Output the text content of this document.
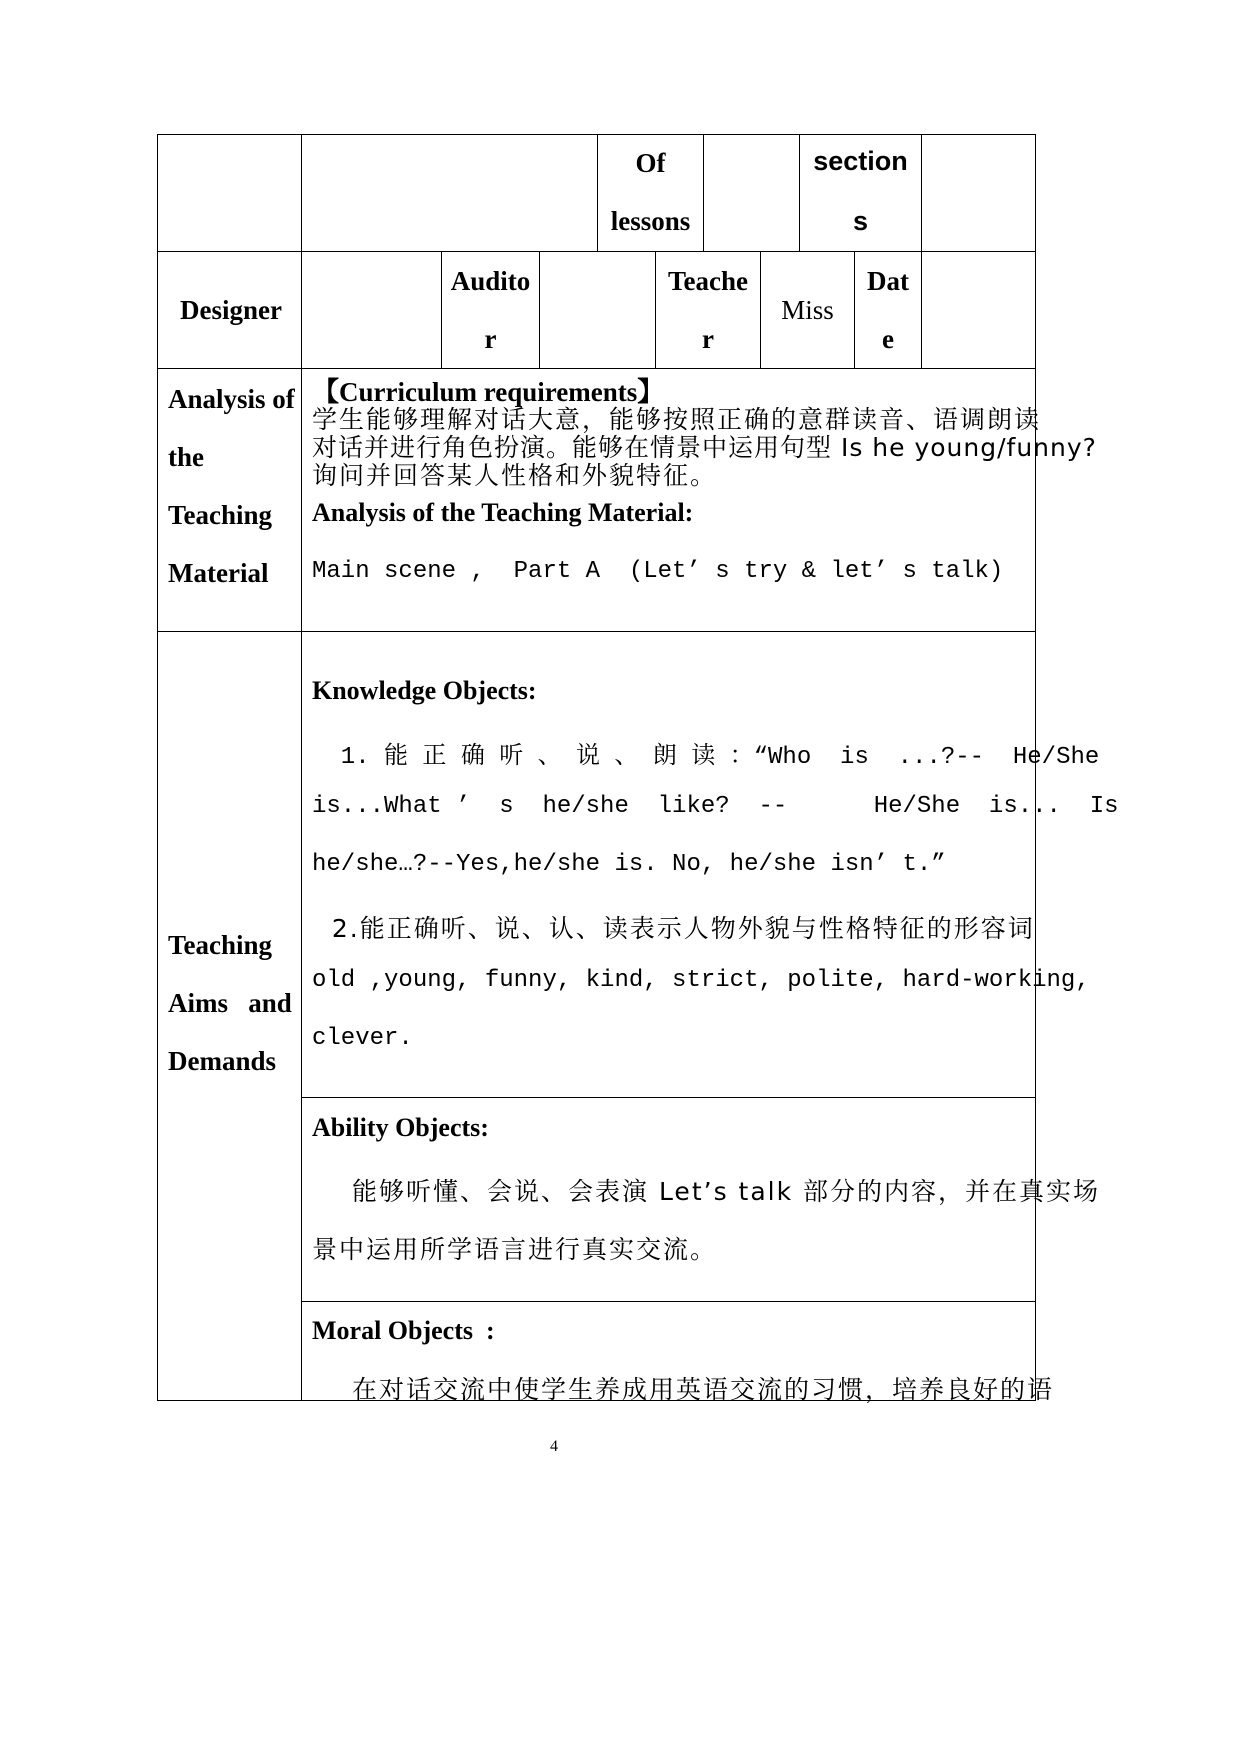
Of
lessons
section
s
Designer
Audito
r
Teache
r
Miss
Dat
e
Analysis of
the
Teaching
Material
【Curriculum requirements】
学生能够理解对话大意，能够按照正确的意群读音、语调朗读
对话并进行角色扮演。能够在情景中运用句型 Is he young/funny?
询问并回答某人性格和外貌特征。
Analysis of the Teaching Material:
Main scene ,  Part A  (Let’ s try & let’ s talk)
Teaching
Aims   and
Demands
Knowledge Objects:
1. 能 正 确 听 、 说 、 朗 读 ：“Who  is  ...?--  He/She
is...What ’  s  he/she  like?  --      He/She  is...  Is
he/she…?--Yes,he/she is. No, he/she isn’ t.”
2.能正确听、说、认、读表示人物外貌与性格特征的形容词
old ,young, funny, kind, strict, polite, hard-working,
clever.
Ability Objects:
能够听懂、会说、会表演 Let’s talk 部分的内容，并在真实场
景中运用所学语言进行真实交流。
Moral Objects  :
在对话交流中使学生养成用英语交流的习惯，培养良好的语
4
